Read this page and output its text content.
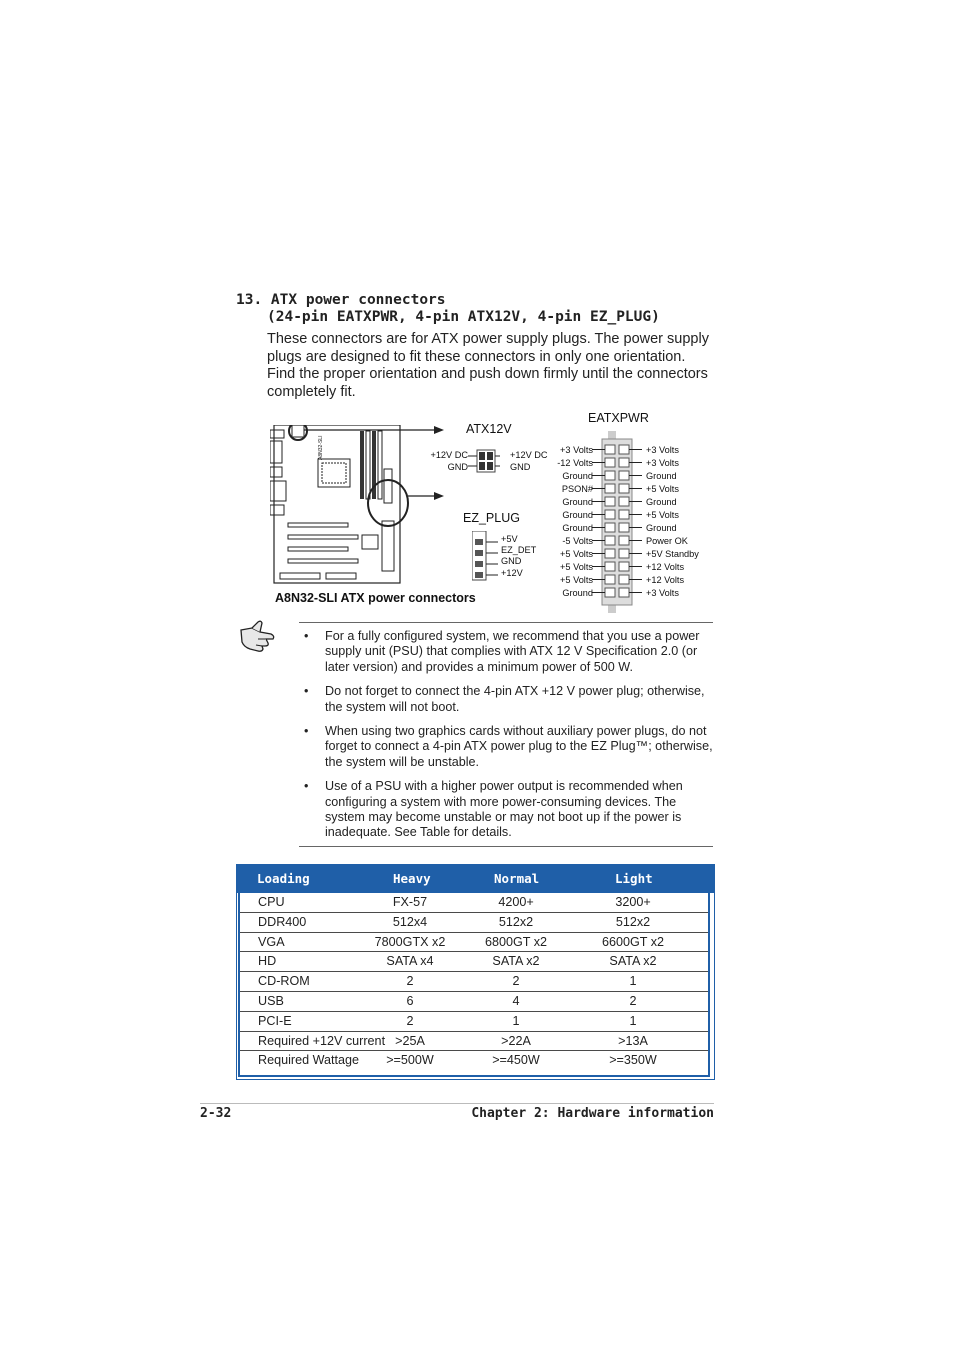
13. ATX power connectors
(24-pin EATXPWR, 4-pin ATX12V, 4-pin EZ_PLUG)
These connectors are for ATX power supply plugs. The power supply plugs are designed to fit these connectors in only one orientation. Find the proper orientation and push down firmly until the connectors completely fit.
A8N32-SLI
ATX12V
+12V DC
GND
+12V DC
GND
EZ_PLUG
+5V
EZ_DET
GND
+12V
EATXPWR
+3 Volts
-12 Volts
Ground
PSON#
Ground
Ground
Ground
-5 Volts
+5 Volts
+5 Volts
+5 Volts
Ground
+3 Volts
+3 Volts
Ground
+5 Volts
Ground
+5 Volts
Ground
Power OK
+5V Standby
+12 Volts
+12 Volts
+3 Volts
A8N32-SLI ATX power connectors
• For a fully configured system, we recommend that you use a power supply unit (PSU) that complies with ATX 12 V Specification 2.0 (or later version) and provides a minimum power of 500 W.
• Do not forget to connect the 4-pin ATX +12 V power plug; otherwise, the system will not boot.
• When using two graphics cards without auxiliary power plugs, do not forget to connect a 4-pin ATX power plug to the EZ Plug™; otherwise, the system will be unstable.
• Use of a PSU with a higher power output is recommended when configuring a system with more power-consuming devices. The system may become unstable or may not boot up if the power is inadequate. See Table for details.
Loading	Heavy	Normal	Light
CPU	FX-57	4200+	3200+

DDR400	512x4	512x2	512x2

VGA	7800GTX x2	6800GT x2	6600GT x2

HD	SATA x4	SATA x2	SATA x2

CD-ROM	2	2	1

USB	6	4	2

PCI-E	2	1	1

Required +12V current >25A	>22A	>13A

Required Wattage	>=500W	>=450W	>=350W
2-32	Chapter 2: Hardware information
